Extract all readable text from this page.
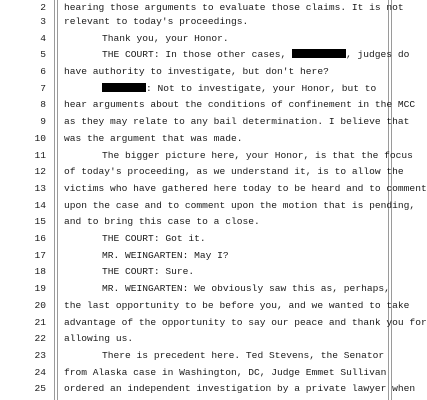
2 hearing those arguments to evaluate those claims. It is not
3 relevant to today's proceedings.
4	Thank you, your Honor.
5	THE COURT: In those other cases,	, judges do
6 have authority to investigate, but don't here?
7	: Not to investigate, your Honor, but to
8 hear arguments about the conditions of confinement in the MCC
9 as they may relate to any bail determination. I believe that
10 was the argument that was made.
11	The bigger picture here, your Honor, is that the focus
12 of today's proceeding, as we understand it, is to allow the
13 victims who have gathered here today to be heard and to comment
14 upon the case and to comment upon the motion that is pending,
15 and to bring this case to a close.
16	THE COURT: Got it.
17	MR. WEINGARTEN: May I?
18	THE COURT: Sure.
19	MR. WEINGARTEN: We obviously saw this as, perhaps,
20 the last opportunity to be before you, and we wanted to take
21 advantage of the opportunity to say our peace and thank you for
22 allowing us.
23	There is precedent here. Ted Stevens, the Senator
24 from Alaska case in Washington, DC, Judge Emmet Sullivan
25 ordered an independent investigation by a private lawyer when
